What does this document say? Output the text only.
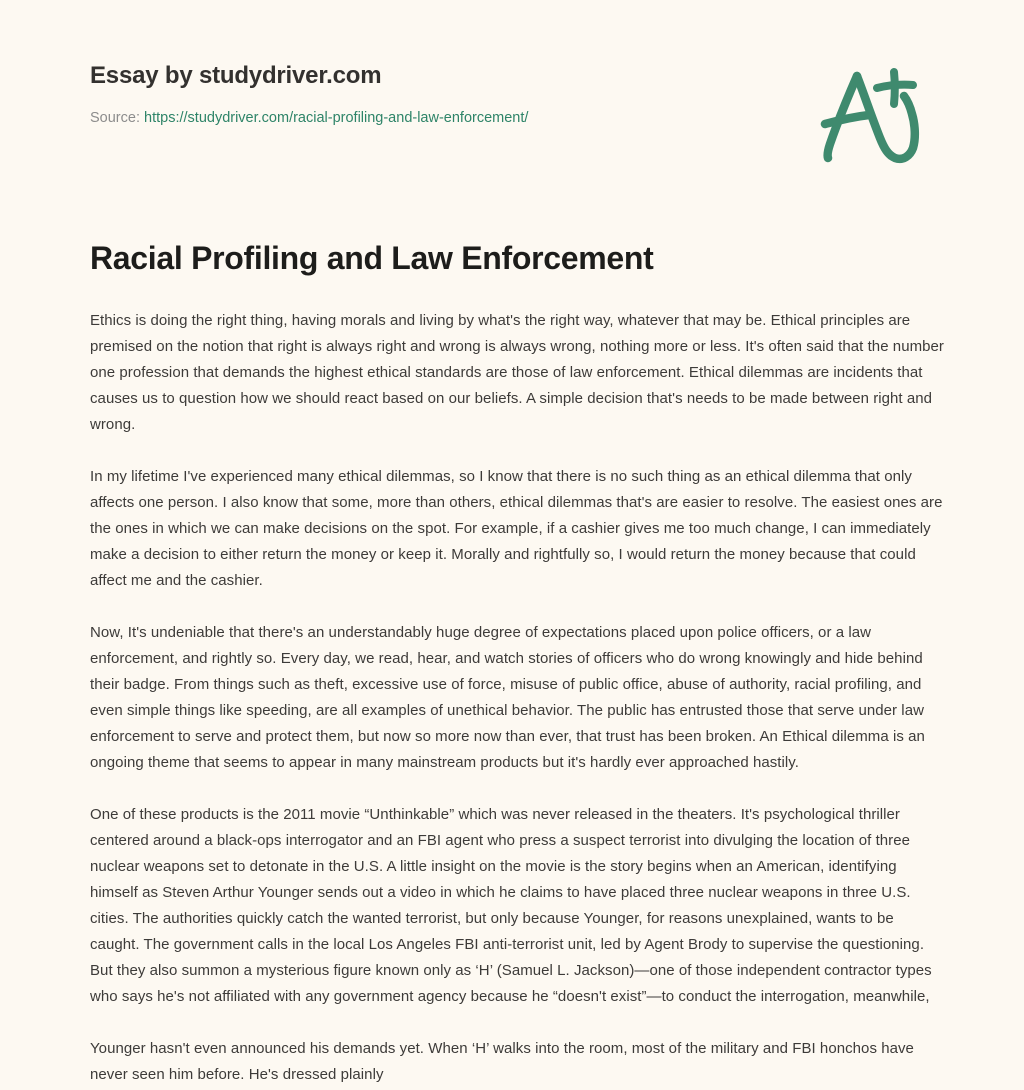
Essay by studydriver.com
Source: https://studydriver.com/racial-profiling-and-law-enforcement/
Racial Profiling and Law Enforcement

Ethics is doing the right thing, having morals and living by what's the right way, whatever that may be. Ethical principles are premised on the notion that right is always right and wrong is always wrong, nothing more or less. It's often said that the number one profession that demands the highest ethical standards are those of law enforcement. Ethical dilemmas are incidents that causes us to question how we should react based on our beliefs. A simple decision that's needs to be made between right and wrong.

In my lifetime I've experienced many ethical dilemmas, so I know that there is no such thing as an ethical dilemma that only affects one person. I also know that some, more than others, ethical dilemmas that's are easier to resolve. The easiest ones are the ones in which we can make decisions on the spot. For example, if a cashier gives me too much change, I can immediately make a decision to either return the money or keep it. Morally and rightfully so, I would return the money because that could affect me and the cashier.

Now, It's undeniable that there's an understandably huge degree of expectations placed upon police officers, or a law enforcement, and rightly so. Every day, we read, hear, and watch stories of officers who do wrong knowingly and hide behind their badge. From things such as theft, excessive use of force, misuse of public office, abuse of authority, racial profiling, and even simple things like speeding, are all examples of unethical behavior. The public has entrusted those that serve under law enforcement to serve and protect them, but now so more now than ever, that trust has been broken. An Ethical dilemma is an ongoing theme that seems to appear in many mainstream products but it's hardly ever approached hastily.

One of these products is the 2011 movie “Unthinkable” which was never released in the theaters. It's psychological thriller centered around a black-ops interrogator and an FBI agent who press a suspect terrorist into divulging the location of three nuclear weapons set to detonate in the U.S. A little insight on the movie is the story begins when an American, identifying himself as Steven Arthur Younger sends out a video in which he claims to have placed three nuclear weapons in three U.S. cities. The authorities quickly catch the wanted terrorist, but only because Younger, for reasons unexplained, wants to be caught. The government calls in the local Los Angeles FBI anti-terrorist unit, led by Agent Brody to supervise the questioning. But they also summon a mysterious figure known only as ‘H’ (Samuel L. Jackson)—one of those independent contractor types who says he's not affiliated with any government agency because he “doesn't exist”—to conduct the interrogation, meanwhile,

Younger hasn't even announced his demands yet. When ‘H’ walks into the room, most of the military and FBI honchos have never seen him before. He's dressed plainly
